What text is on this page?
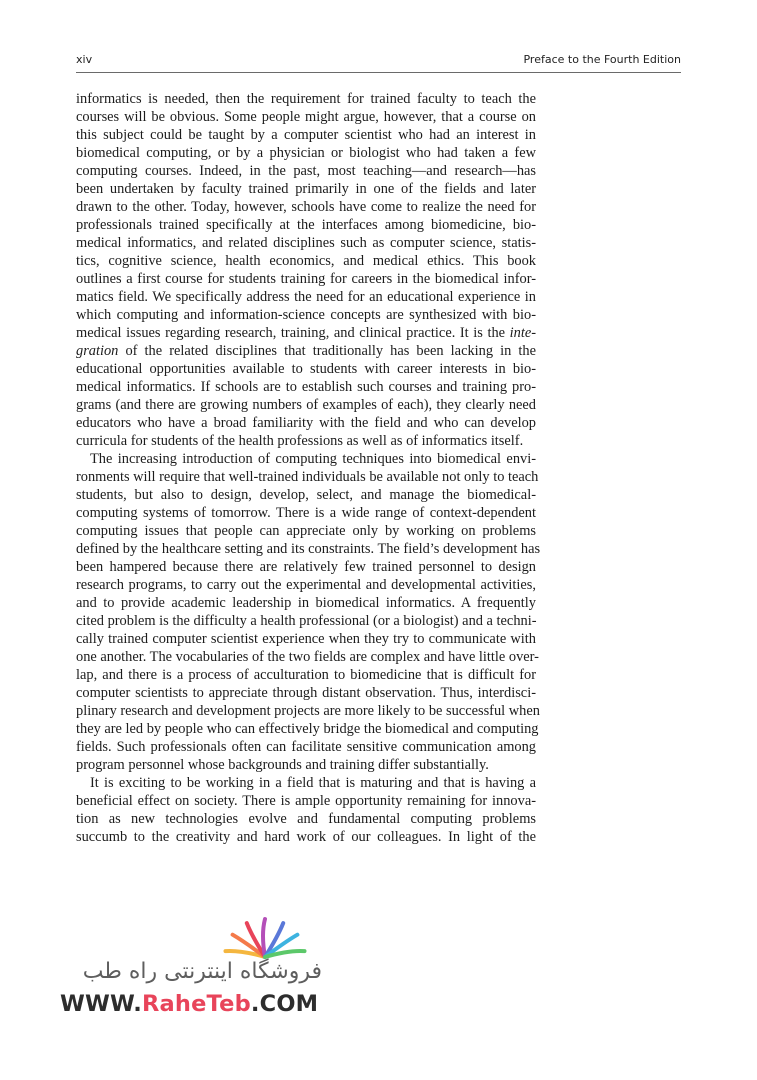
xiv	Preface to the Fourth Edition

informatics is needed, then the requirement for trained faculty to teach the
courses will be obvious. Some people might argue, however, that a course on
this subject could be taught by a computer scientist who had an interest in
biomedical computing, or by a physician or biologist who had taken a few
computing courses. Indeed, in the past, most teaching—and research—has
been undertaken by faculty trained primarily in one of the fields and later
drawn to the other. Today, however, schools have come to realize the need for
professionals trained specifically at the interfaces among biomedicine, bio-
medical informatics, and related disciplines such as computer science, statis-
tics, cognitive science, health economics, and medical ethics. This book
outlines a first course for students training for careers in the biomedical infor-
matics field. We specifically address the need for an educational experience in
which computing and information-science concepts are synthesized with bio-
medical issues regarding research, training, and clinical practice. It is the inte-
gration of the related disciplines that traditionally has been lacking in the
educational opportunities available to students with career interests in bio-
medical informatics. If schools are to establish such courses and training pro-
grams (and there are growing numbers of examples of each), they clearly need
educators who have a broad familiarity with the field and who can develop
curricula for students of the health professions as well as of informatics itself.

The increasing introduction of computing techniques into biomedical envi-
ronments will require that well-trained individuals be available not only to teach
students, but also to design, develop, select, and manage the biomedical-
computing systems of tomorrow. There is a wide range of context-dependent
computing issues that people can appreciate only by working on problems
defined by the healthcare setting and its constraints. The field’s development has
been hampered because there are relatively few trained personnel to design
research programs, to carry out the experimental and developmental activities,
and to provide academic leadership in biomedical informatics. A frequently
cited problem is the difficulty a health professional (or a biologist) and a techni-
cally trained computer scientist experience when they try to communicate with
one another. The vocabularies of the two fields are complex and have little over-
lap, and there is a process of acculturation to biomedicine that is difficult for
computer scientists to appreciate through distant observation. Thus, interdisci-
plinary research and development projects are more likely to be successful when
they are led by people who can effectively bridge the biomedical and computing
fields. Such professionals often can facilitate sensitive communication among
program personnel whose backgrounds and training differ substantially.

It is exciting to be working in a field that is maturing and that is having a
beneficial effect on society. There is ample opportunity remaining for innova-
tion as new technologies evolve and fundamental computing problems
succumb to the creativity and hard work of our colleagues. In light of the

فروشگاه اینترنتی راه طب
WWW.RaheTeb.COM
